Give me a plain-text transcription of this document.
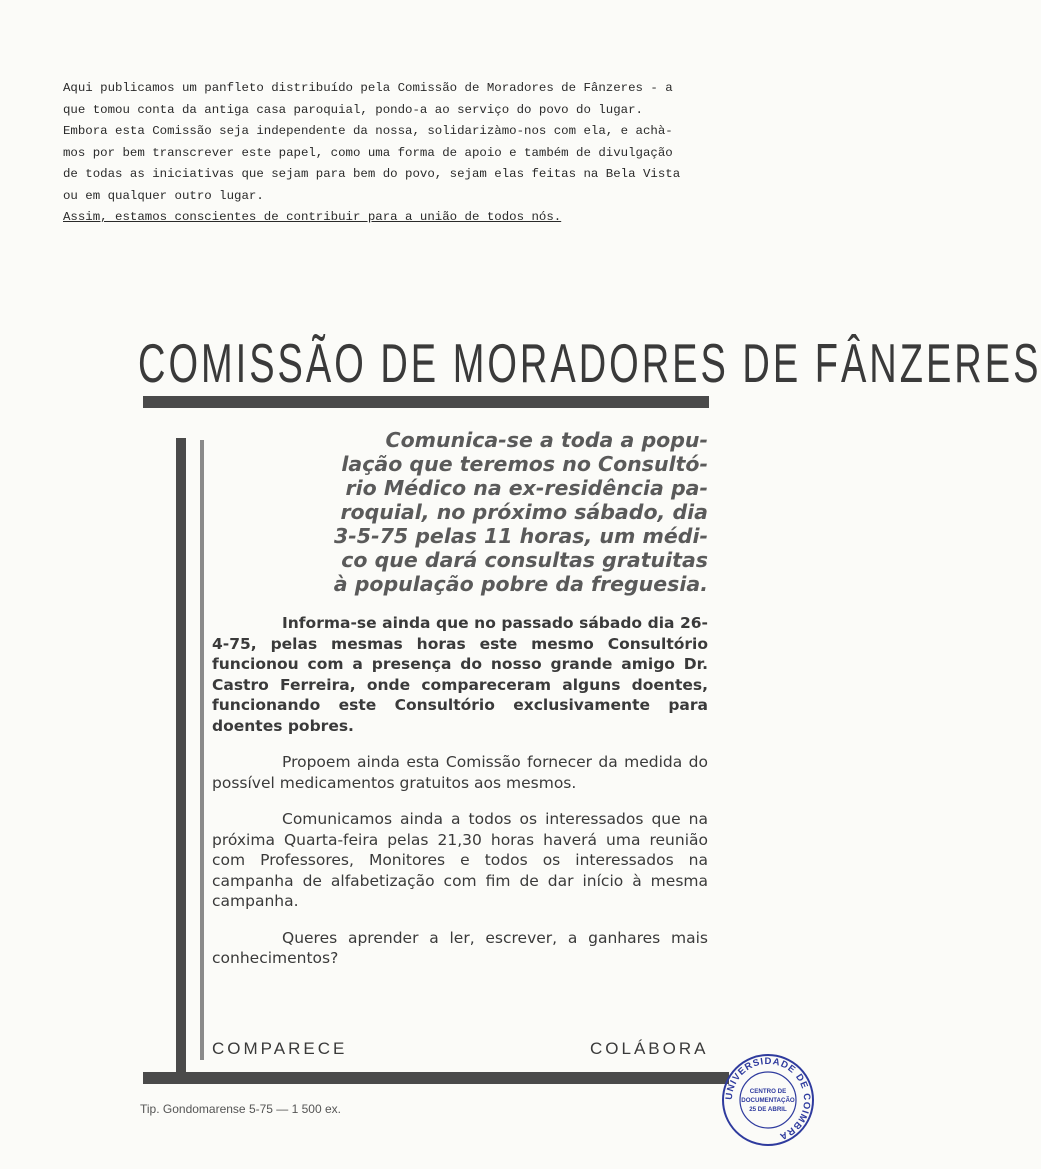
Aqui publicamos um panfleto distribuído pela Comissão de Moradores de Fânzeres - a

que tomou conta da antiga casa paroquial, pondo-a ao serviço do povo do lugar.

Embora esta Comissão seja independente da nossa, solidarizàmo-nos com ela, e achà-

mos por bem transcrever este papel, como uma forma de apoio e também de divulgação

de todas as iniciativas que sejam para bem do povo, sejam elas feitas na Bela Vista

ou em qualquer outro lugar.

Assim, estamos conscientes de contribuir para a união de todos nós.

COMISSÃO DE MORADORES DE FÂNZERES

Comunica-se a toda a popu-

lação que teremos no Consultó-

rio Médico na ex-residência pa-

roquial, no próximo sábado, dia

3-5-75 pelas 11 horas, um médi-

co que dará consultas gratuitas

à população pobre da freguesia.

Informa-se ainda que no passado sábado dia 26-4-75, pelas mesmas horas este mesmo Consultório funcionou com a presença do nosso grande amigo Dr. Castro Ferreira, onde compareceram alguns doentes, funcionando este Consultório exclusivamente para doentes pobres.

Propoem ainda esta Comissão fornecer da medida do possível medicamentos gratuitos aos mesmos.

Comunicamos ainda a todos os interessados que na próxima Quarta-feira pelas 21,30 horas haverá uma reunião com Professores, Monitores e todos os interessados na campanha de alfabetização com fim de dar início à mesma campanha.

Queres aprender a ler, escrever, a ganhares mais conhecimentos?

COMPARECE	COLÁBORA
Tip. Gondomarense 5-75 — 1 500 ex.
UNIVERSIDADE DE COIMBRA
CENTRO DE
DOCUMENTAÇÃO
25 DE ABRIL
